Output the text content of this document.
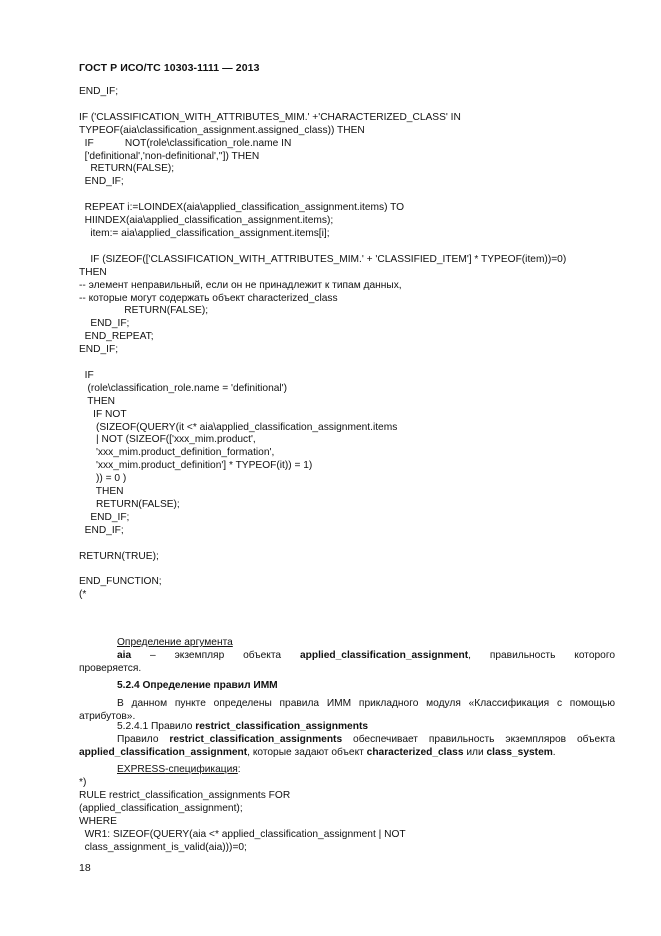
ГОСТ Р ИСО/ТС 10303-1111 — 2013
END_IF;

IF ('CLASSIFICATION_WITH_ATTRIBUTES_MIM.' +'CHARACTERIZED_CLASS' IN
TYPEOF(aia\classification_assignment.assigned_class)) THEN
IF           NOT(role\classification_role.name IN
['definitional','non-definitional','']) THEN
RETURN(FALSE);
END_IF;

REPEAT i:=LOINDEX(aia\applied_classification_assignment.items) TO
HIINDEX(aia\applied_classification_assignment.items);
item:= aia\applied_classification_assignment.items[i];

IF (SIZEOF(['CLASSIFICATION_WITH_ATTRIBUTES_MIM.' + 'CLASSIFIED_ITEM'] * TYPEOF(item))=0)
THEN
-- элемент неправильный, если он не принадлежит к типам данных,
-- которые могут содержать объект characterized_class
RETURN(FALSE);
END_IF;
END_REPEAT;
END_IF;

IF
(role\classification_role.name = 'definitional')
THEN
IF NOT
(SIZEOF(QUERY(it <* aia\applied_classification_assignment.items
| NOT (SIZEOF(['xxx_mim.product',
'xxx_mim.product_definition_formation',
'xxx_mim.product_definition'] * TYPEOF(it)) = 1)
)) = 0 )
THEN
RETURN(FALSE);
END_IF;
END_IF;

RETURN(TRUE);

END_FUNCTION;
(*

Определение аргумента

aia – экземпляр объекта applied_classification_assignment, правильность которого

проверяется.

5.2.4 Определение правил ИММ

В данном пункте определены правила ИММ прикладного модуля «Классификация с помощью

атрибутов».

5.2.4.1 Правило restrict_classification_assignments

Правило restrict_classification_assignments обеспечивает правильность экземпляров объекта

applied_classification_assignment, которые задают объект characterized_class или class_system.

EXPRESS-спецификация:

*)
RULE restrict_classification_assignments FOR
(applied_classification_assignment);
WHERE
WR1: SIZEOF(QUERY(aia <* applied_classification_assignment | NOT
class_assignment_is_valid(aia)))=0;

18
